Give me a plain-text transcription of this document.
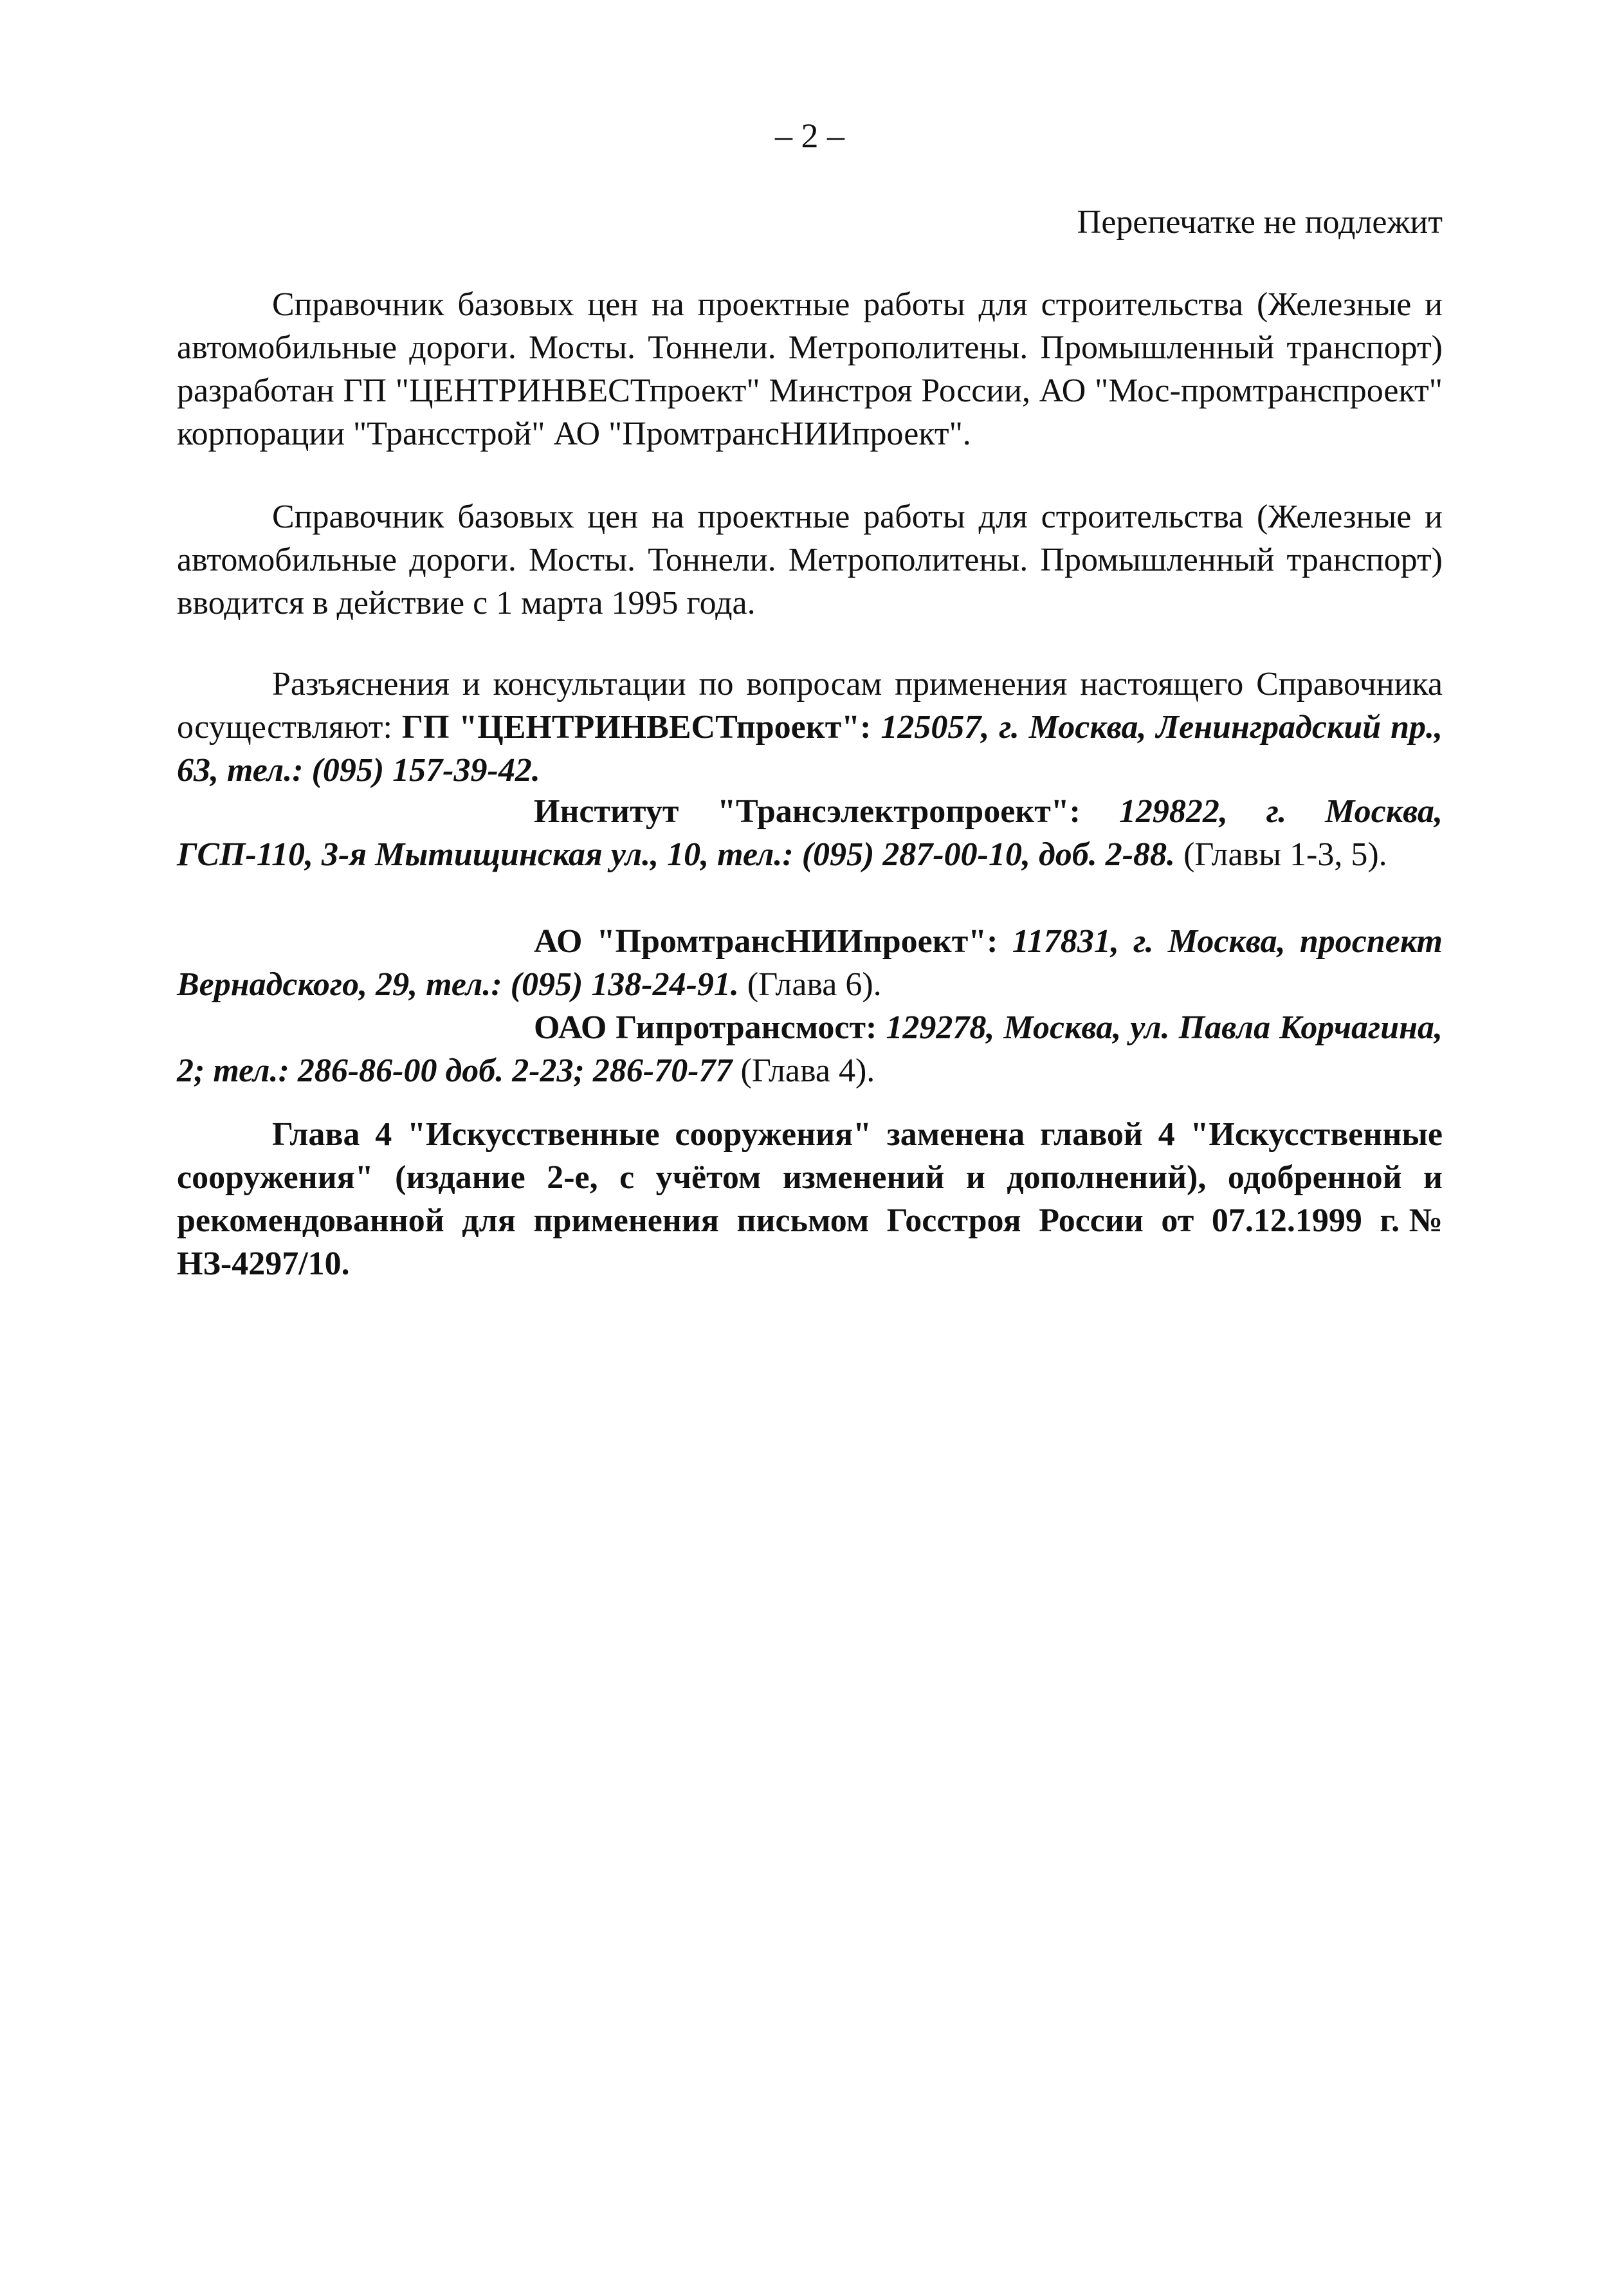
– 2 –
Перепечатке не подлежит

Справочник базовых цен на проектные работы для строительства (Железные и автомобильные дороги. Мосты. Тоннели. Метрополитены. Промышленный транспорт) разработан ГП "ЦЕНТРИНВЕСТпроект" Минстроя России, АО "Мос-промтранспроект" корпорации "Трансстрой" АО "ПромтрансНИИпроект".

Справочник базовых цен на проектные работы для строительства (Железные и автомобильные дороги. Мосты. Тоннели. Метрополитены. Промышленный транспорт) вводится в действие с 1 марта 1995 года.

Разъяснения и консультации по вопросам применения настоящего Справочника осуществляют: ГП "ЦЕНТРИНВЕСТпроект": 125057, г. Москва, Ленинградский пр., 63, тел.: (095) 157-39-42.

Институт "Трансэлектропроект": 129822, г. Москва, ГСП-110, 3-я Мытищинская ул., 10, тел.: (095) 287-00-10, доб. 2-88. (Главы 1-3, 5).

АО "ПромтрансНИИпроект": 117831, г. Москва, проспект Вернадского, 29, тел.: (095) 138-24-91. (Глава 6).

ОАО Гипротрансмост: 129278, Москва, ул. Павла Корчагина, 2; тел.: 286-86-00 доб. 2-23; 286-70-77 (Глава 4).

Глава 4 "Искусственные сооружения" заменена главой 4 "Искусственные сооружения" (издание 2-е, с учётом изменений и дополнений), одобренной и рекомендованной для применения письмом Госстроя России от 07.12.1999 г.№ НЗ-4297/10.
